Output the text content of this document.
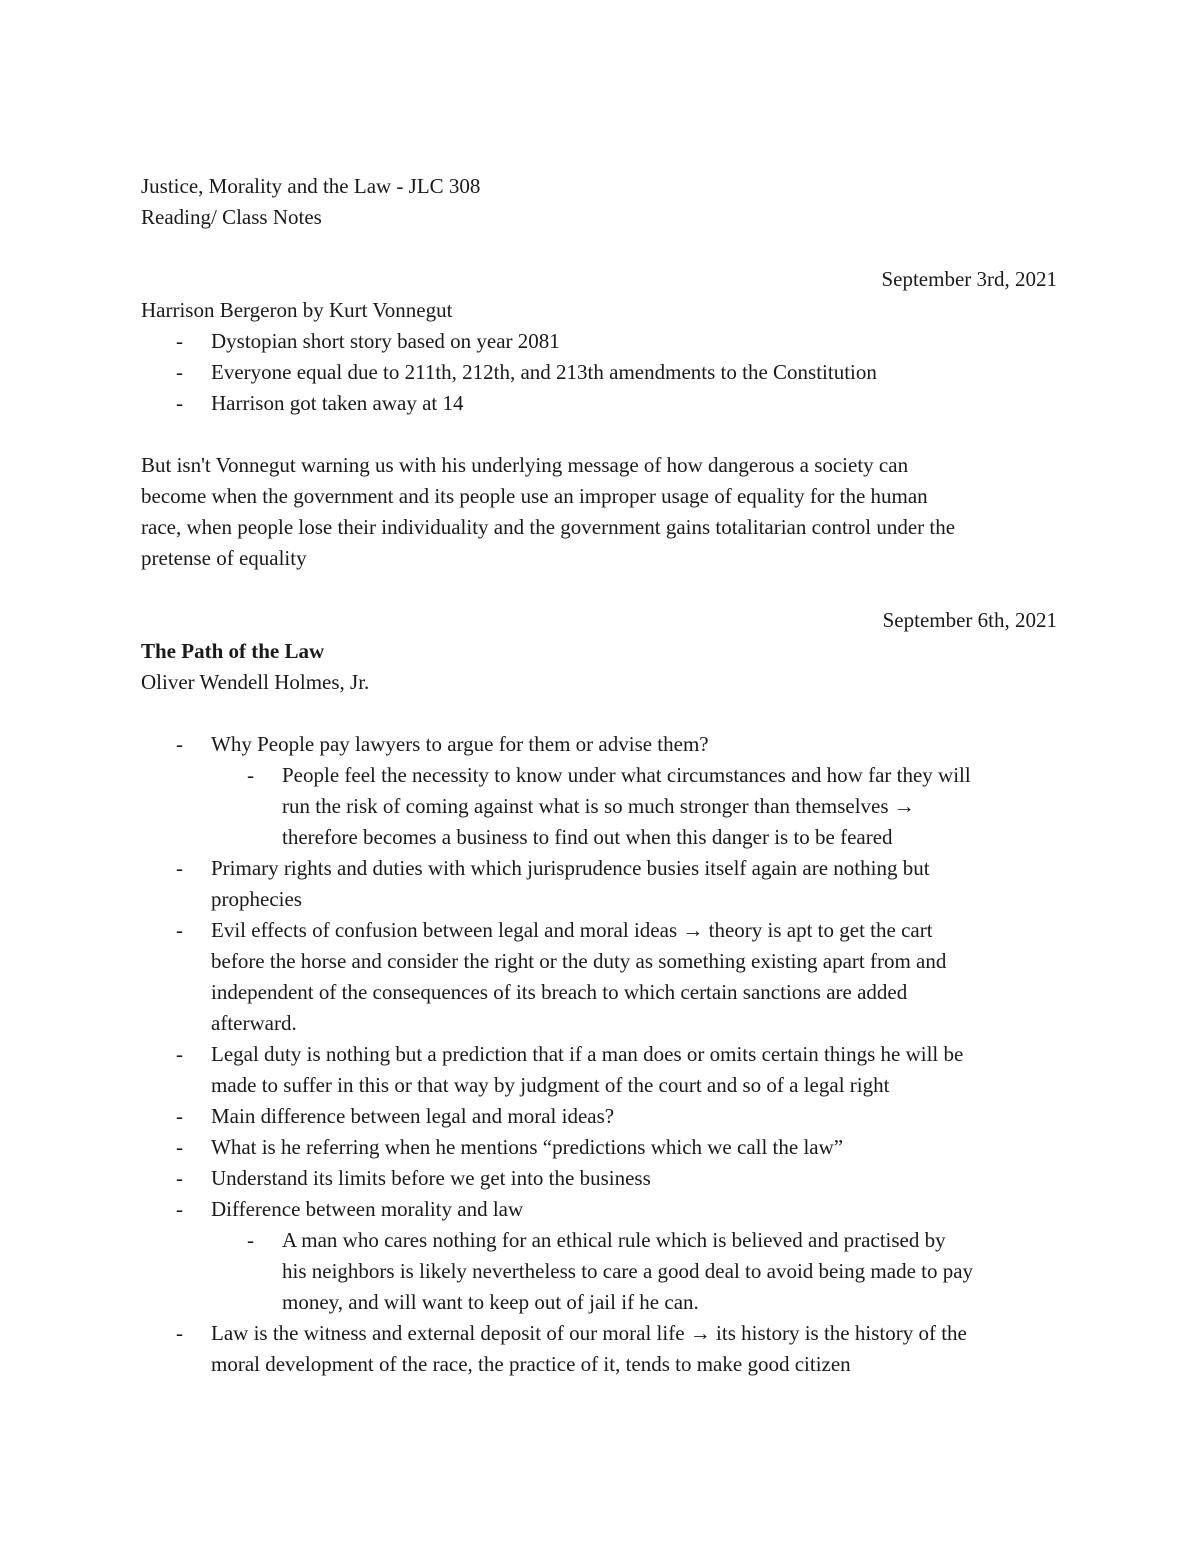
Justice, Morality and the Law - JLC 308

Reading/ Class Notes

September 3rd, 2021

Harrison Bergeron by Kurt Vonnegut

- Dystopian short story based on year 2081

- Everyone equal due to 211th, 212th, and 213th amendments to the Constitution

- Harrison got taken away at 14

But isn't Vonnegut warning us with his underlying message of how dangerous a society can

become when the government and its people use an improper usage of equality for the human

race, when people lose their individuality and the government gains totalitarian control under the

pretense of equality

September 6th, 2021

The Path of the Law

Oliver Wendell Holmes, Jr.

- Why People pay lawyers to argue for them or advise them?

- People feel the necessity to know under what circumstances and how far they will

run the risk of coming against what is so much stronger than themselves →

therefore becomes a business to find out when this danger is to be feared

- Primary rights and duties with which jurisprudence busies itself again are nothing but

prophecies

- Evil effects of confusion between legal and moral ideas → theory is apt to get the cart

before the horse and consider the right or the duty as something existing apart from and

independent of the consequences of its breach to which certain sanctions are added

afterward.

- Legal duty is nothing but a prediction that if a man does or omits certain things he will be

made to suffer in this or that way by judgment of the court and so of a legal right

- Main difference between legal and moral ideas?

- What is he referring when he mentions “predictions which we call the law”

- Understand its limits before we get into the business

- Difference between morality and law

- A man who cares nothing for an ethical rule which is believed and practised by

his neighbors is likely nevertheless to care a good deal to avoid being made to pay

money, and will want to keep out of jail if he can.

- Law is the witness and external deposit of our moral life → its history is the history of the

moral development of the race, the practice of it, tends to make good citizen
